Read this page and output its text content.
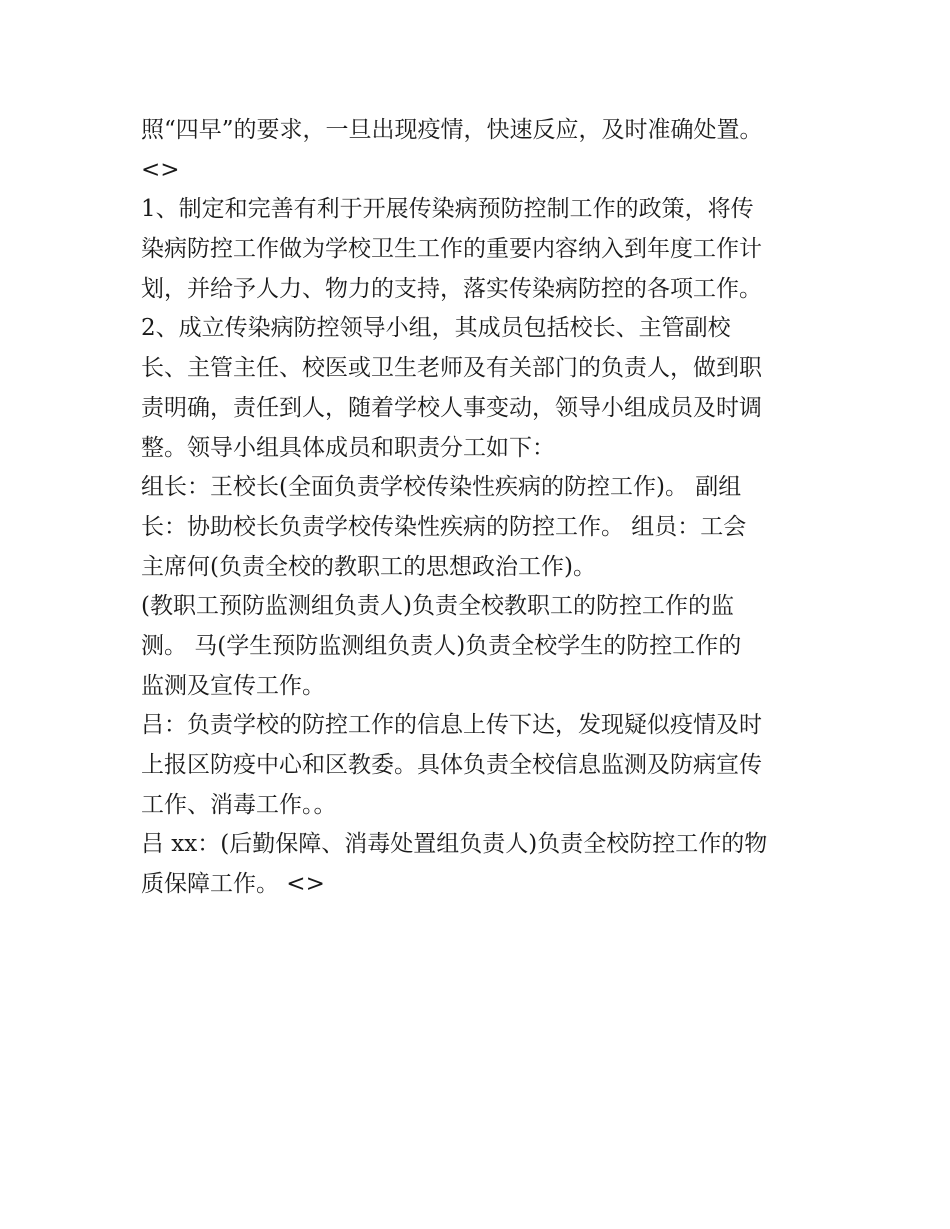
照“四早”的要求，一旦出现疫情，快速反应，及时准确处置。
<>
1、制定和完善有利于开展传染病预防控制工作的政策，将传
染病防控工作做为学校卫生工作的重要内容纳入到年度工作计
划，并给予人力、物力的支持，落实传染病防控的各项工作。
2、成立传染病防控领导小组，其成员包括校长、主管副校
长、主管主任、校医或卫生老师及有关部门的负责人，做到职
责明确，责任到人，随着学校人事变动，领导小组成员及时调
整。领导小组具体成员和职责分工如下：
组长：王校长(全面负责学校传染性疾病的防控工作)。 副组
长：协助校长负责学校传染性疾病的防控工作。 组员：工会
主席何(负责全校的教职工的思想政治工作)。
(教职工预防监测组负责人)负责全校教职工的防控工作的监
测。 马(学生预防监测组负责人)负责全校学生的防控工作的
监测及宣传工作。
吕：负责学校的防控工作的信息上传下达，发现疑似疫情及时
上报区防疫中心和区教委。具体负责全校信息监测及防病宣传
工作、消毒工作。。
吕 xx：(后勤保障、消毒处置组负责人)负责全校防控工作的物
质保障工作。 <>
